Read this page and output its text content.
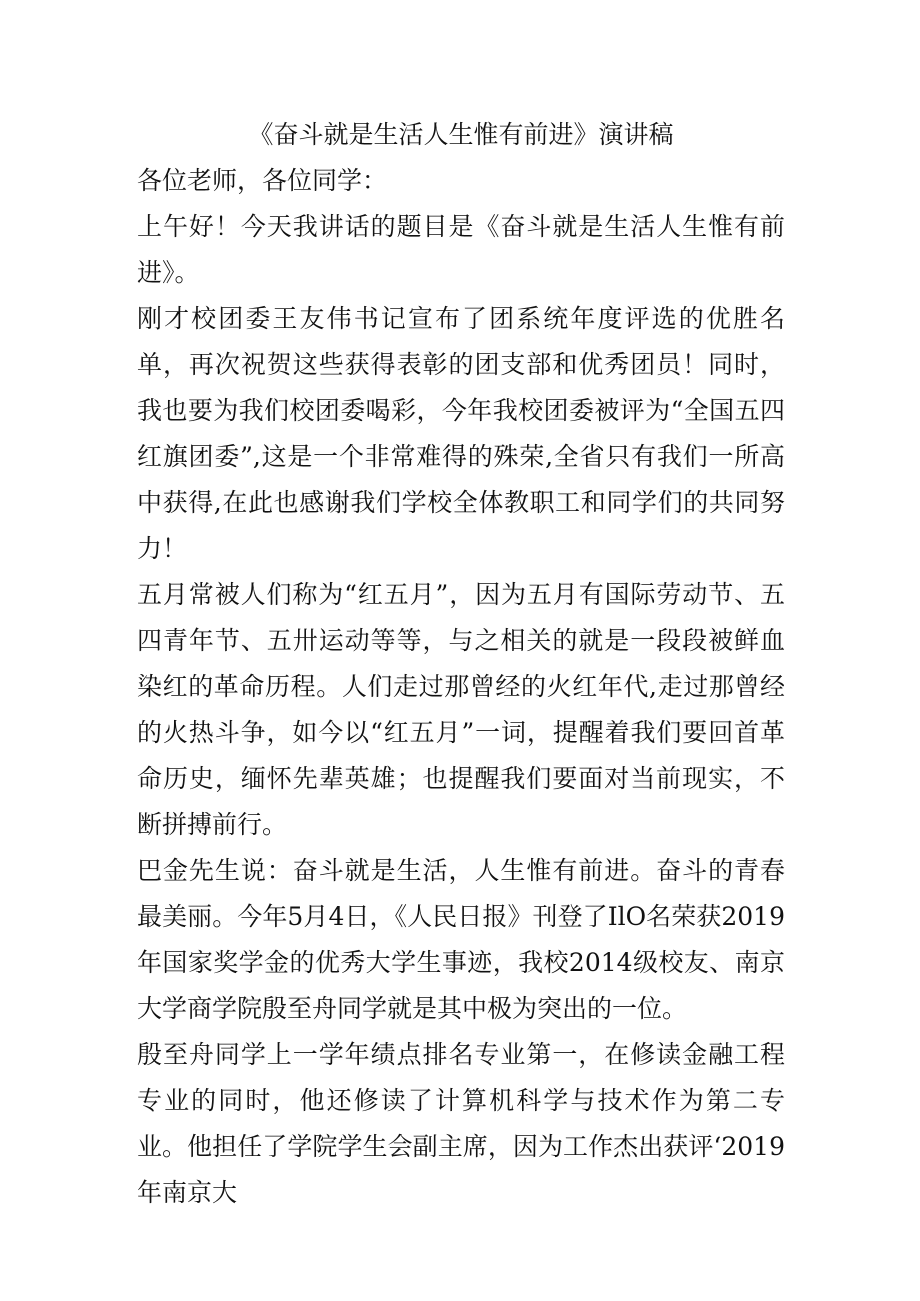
《奋斗就是生活人生惟有前进》演讲稿

各位老师，各位同学：

上午好！今天我讲话的题目是《奋斗就是生活人生惟有前进》。

刚才校团委王友伟书记宣布了团系统年度评选的优胜名单，再次祝贺这些获得表彰的团支部和优秀团员！同时，我也要为我们校团委喝彩，今年我校团委被评为“全国五四红旗团委”,这是一个非常难得的殊荣,全省只有我们一所高中获得,在此也感谢我们学校全体教职工和同学们的共同努力！

五月常被人们称为“红五月”，因为五月有国际劳动节、五四青年节、五卅运动等等，与之相关的就是一段段被鲜血染红的革命历程。人们走过那曾经的火红年代,走过那曾经的火热斗争，如今以“红五月”一词，提醒着我们要回首革命历史，缅怀先辈英雄；也提醒我们要面对当前现实，不断拼搏前行。

巴金先生说：奋斗就是生活，人生惟有前进。奋斗的青春最美丽。今年5月4日，《人民日报》刊登了IlO名荣获2019年国家奖学金的优秀大学生事迹，我校2014级校友、南京大学商学院殷至舟同学就是其中极为突出的一位。

殷至舟同学上一学年绩点排名专业第一，在修读金融工程专业的同时，他还修读了计算机科学与技术作为第二专业。他担任了学院学生会副主席，因为工作杰出获评‘2019年南京大
